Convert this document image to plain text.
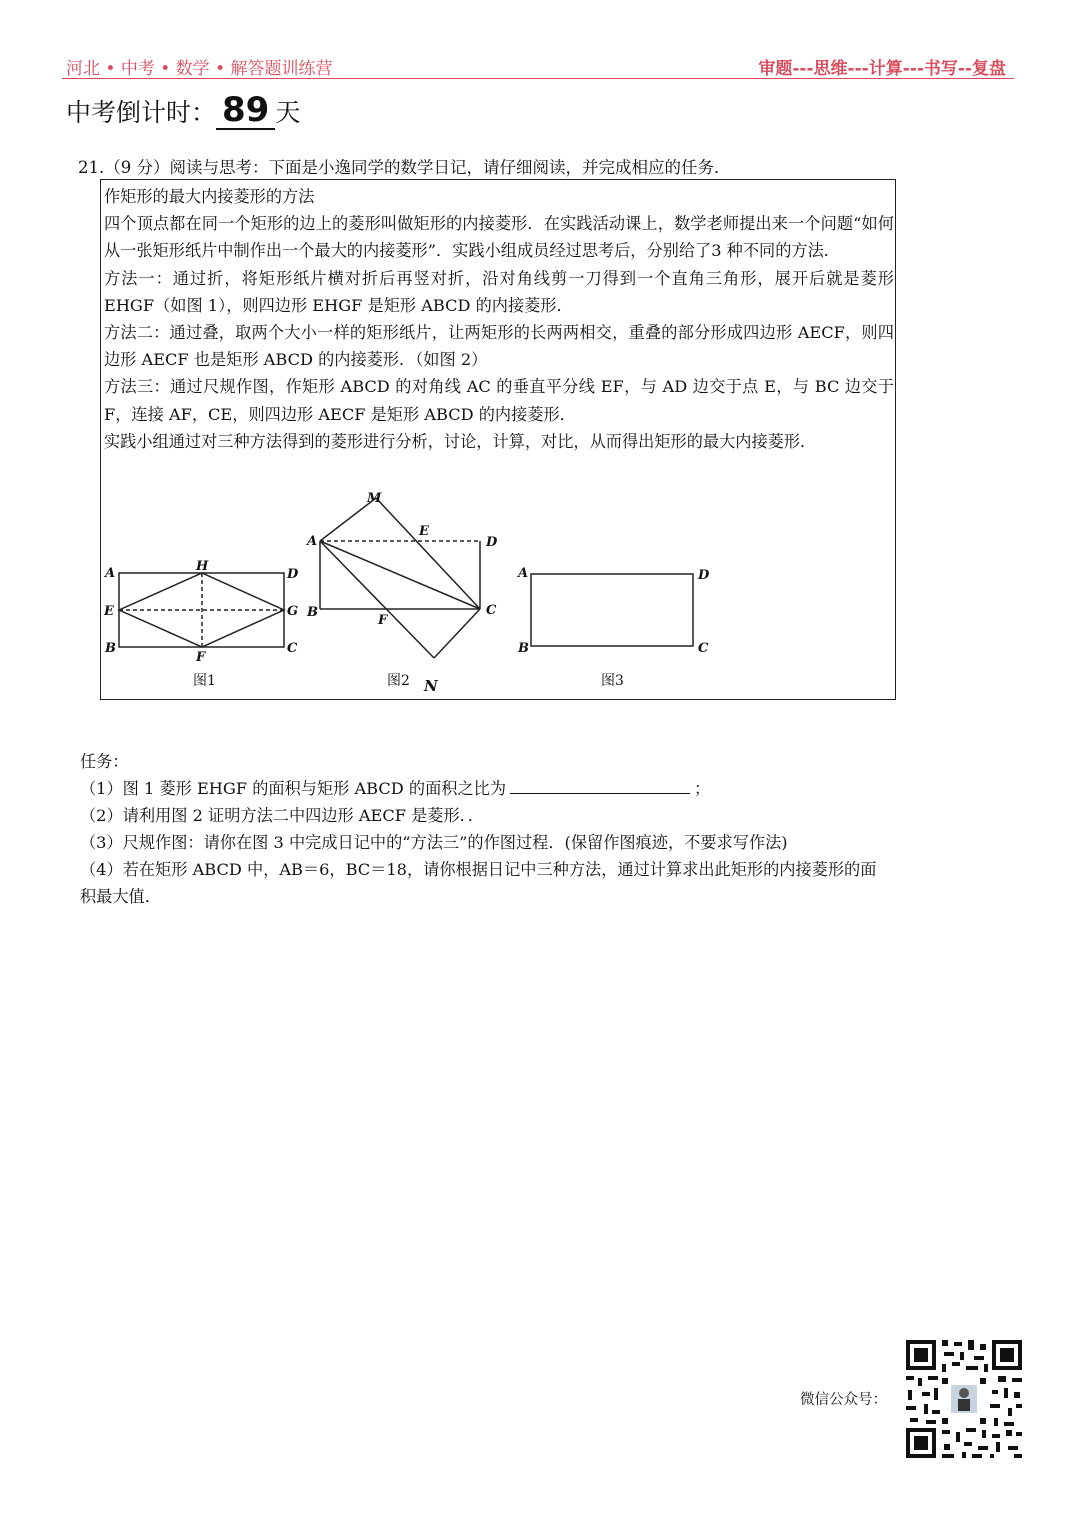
河北 • 中考 • 数学 • 解答题训练营	审题---思维---计算---书写--复盘
中考倒计时： 89 天
21.（9 分）阅读与思考：下面是小逸同学的数学日记，请仔细阅读，并完成相应的任务．

作矩形的最大内接菱形的方法

四个顶点都在同一个矩形的边上的菱形叫做矩形的内接菱形．在实践活动课上，数学老师提出来一个问题“如何从一张矩形纸片中制作出一个最大的内接菱形”．实践小组成员经过思考后，分别给了3 种不同的方法．

方法一：通过折，将矩形纸片横对折后再竖对折，沿对角线剪一刀得到一个直角三角形，展开后就是菱形 EHGF（如图 1），则四边形 EHGF 是矩形 ABCD 的内接菱形．

方法二：通过叠，取两个大小一样的矩形纸片，让两矩形的长两两相交，重叠的部分形成四边形 AECF，则四边形 AECF 也是矩形 ABCD 的内接菱形．（如图 2）

方法三：通过尺规作图，作矩形 ABCD 的对角线 AC 的垂直平分线 EF，与 AD 边交于点 E，与 BC 边交于 F，连接 AF，CE，则四边形 AECF 是矩形 ABCD 的内接菱形．

实践小组通过对三种方法得到的菱形进行分析，讨论，计算，对比，从而得出矩形的最大内接菱形．

A	H
D
E	G
B
F
C
图1
M
E
A	D
B	C
F
N
图2
A	D
B	C
图3

任务：

（1）图 1 菱形 EHGF 的面积与矩形 ABCD 的面积之比为	；

（2）请利用图 2 证明方法二中四边形 AECF 是菱形．．

（3）尺规作图：请你在图 3 中完成日记中的“方法三”的作图过程．(保留作图痕迹，不要求写作法)

（4）若在矩形 ABCD 中，AB＝6，BC＝18，请你根据日记中三种方法，通过计算求出此矩形的内接菱形的面积最大值．

微信公众号：
